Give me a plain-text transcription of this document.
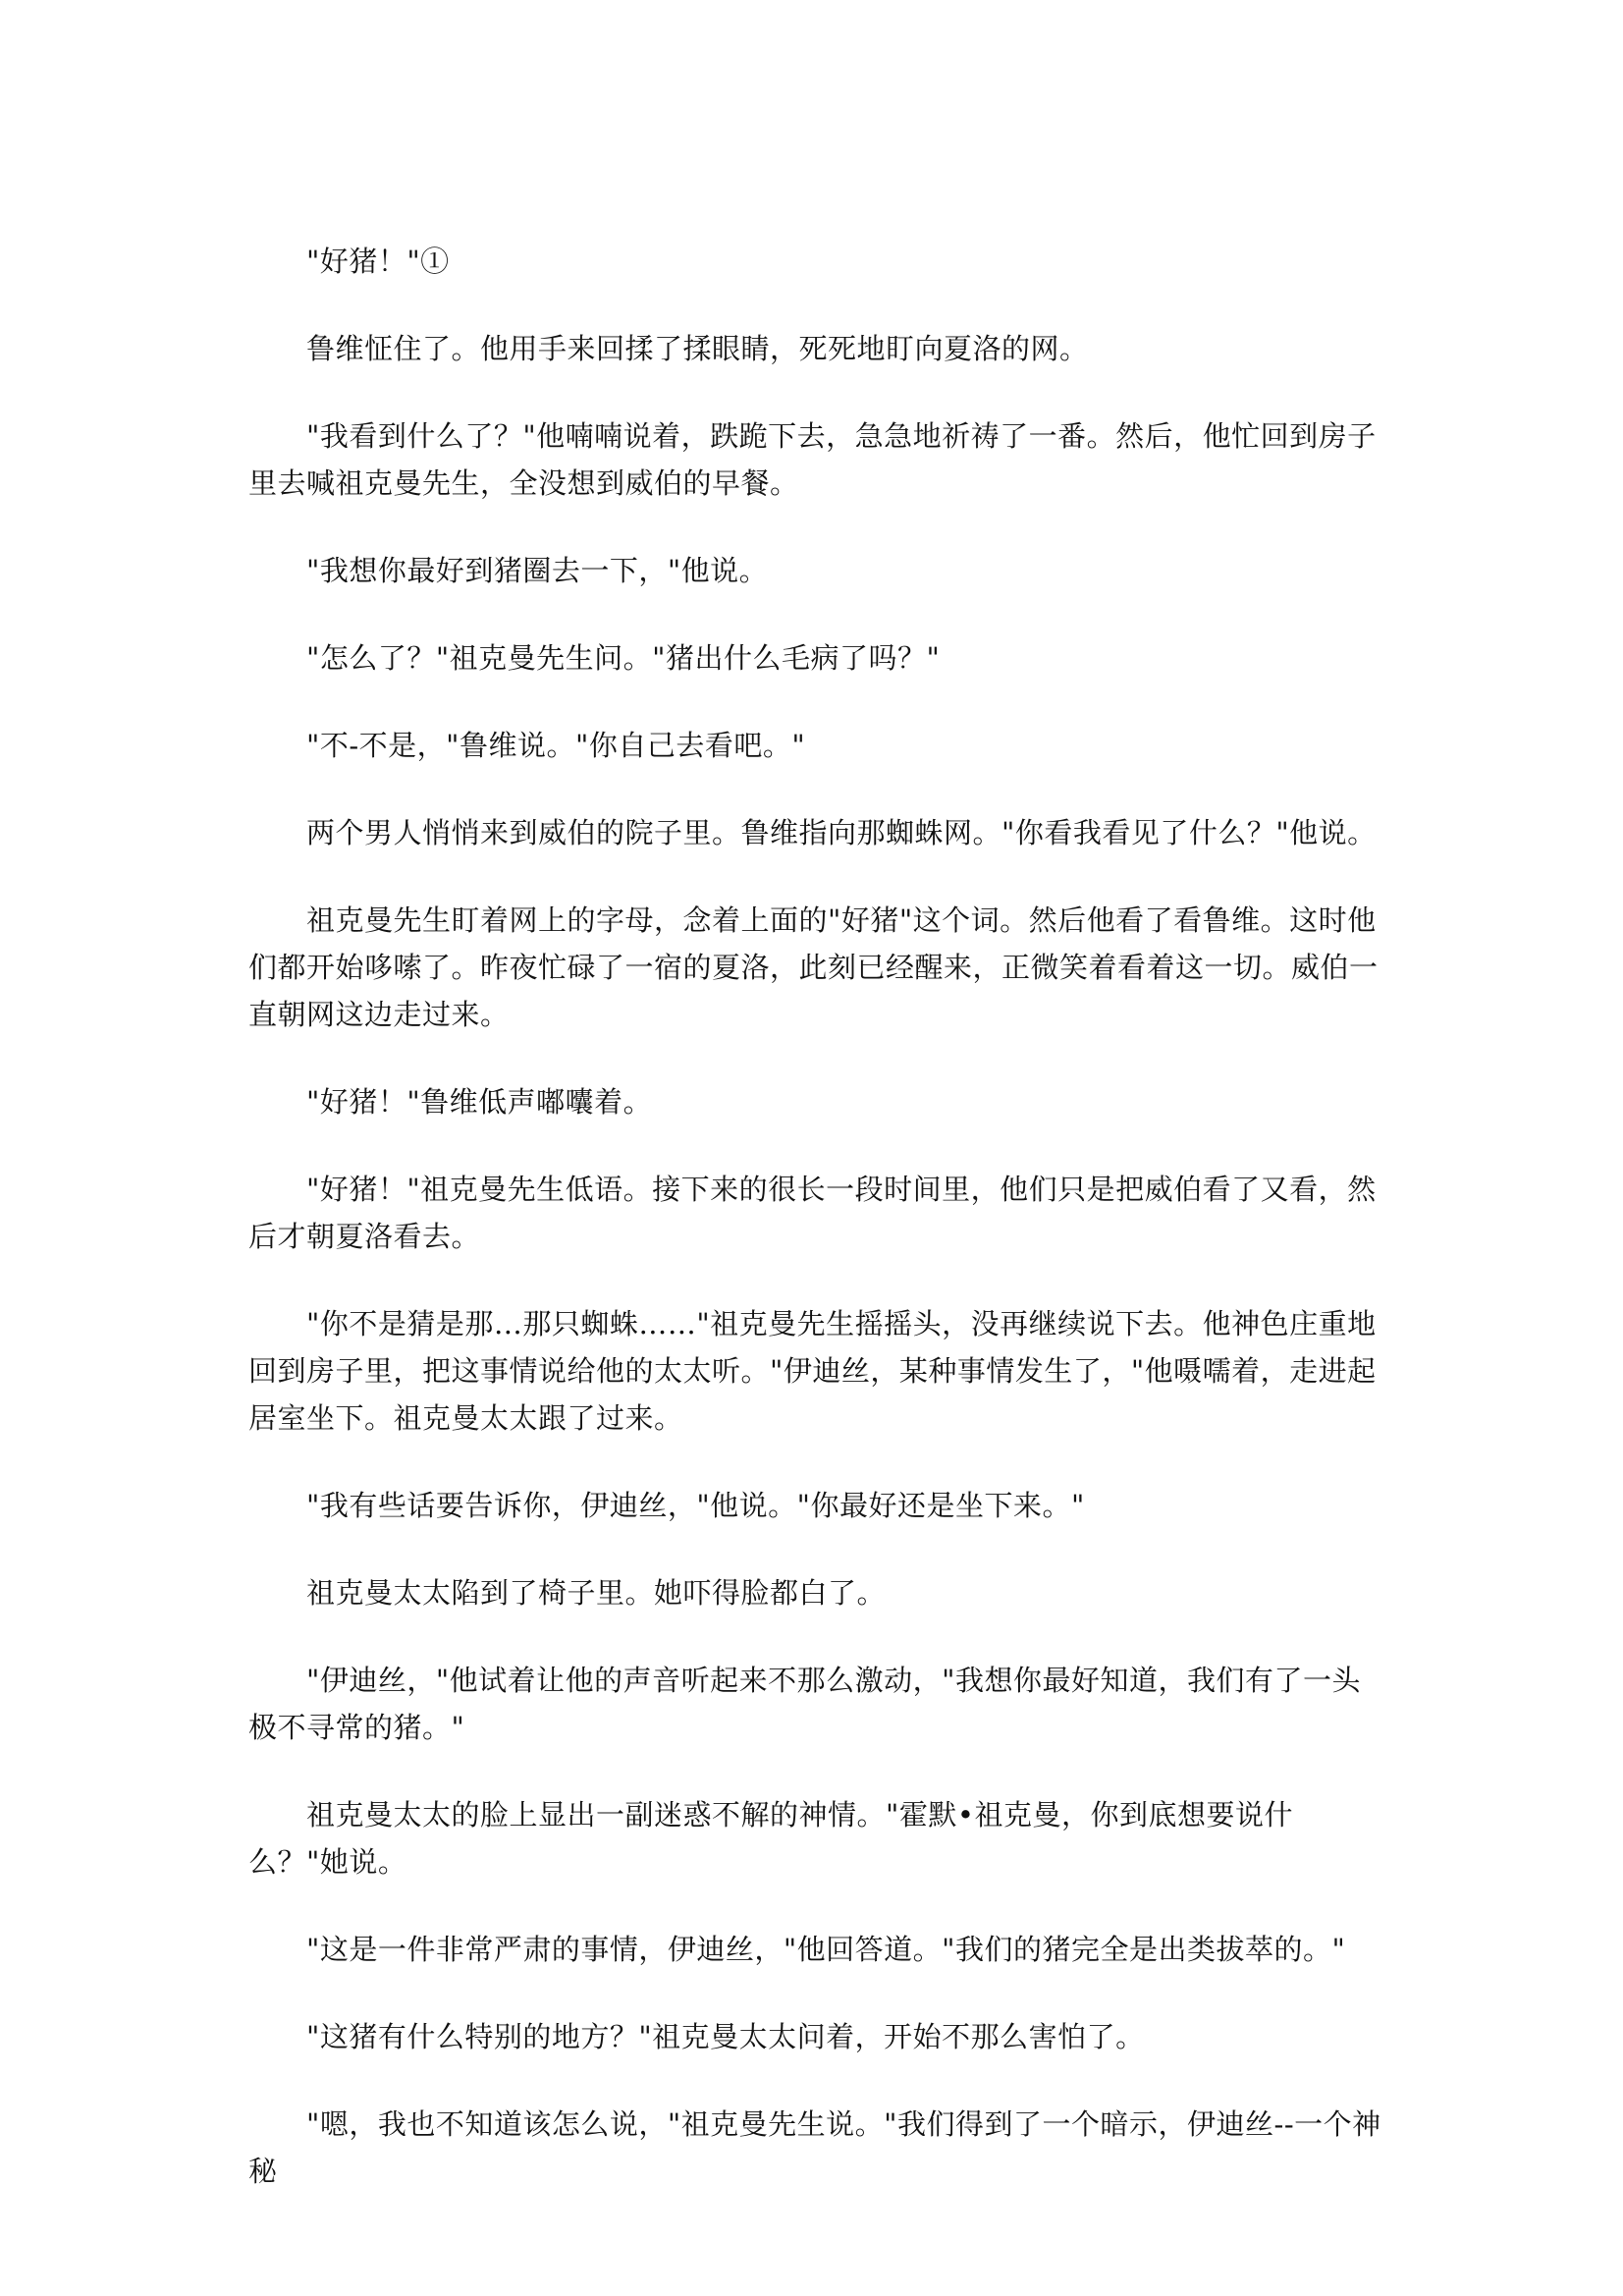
"好猪！"①

鲁维怔住了。他用手来回揉了揉眼睛，死死地盯向夏洛的网。

"我看到什么了？"他喃喃说着，跌跪下去，急急地祈祷了一番。然后，他忙回到房子里去喊祖克曼先生，全没想到威伯的早餐。

"我想你最好到猪圈去一下，"他说。

"怎么了？"祖克曼先生问。"猪出什么毛病了吗？"

"不-不是，"鲁维说。"你自己去看吧。"

两个男人悄悄来到威伯的院子里。鲁维指向那蜘蛛网。"你看我看见了什么？"他说。

祖克曼先生盯着网上的字母，念着上面的"好猪"这个词。然后他看了看鲁维。这时他们都开始哆嗦了。昨夜忙碌了一宿的夏洛，此刻已经醒来，正微笑着看着这一切。威伯一直朝网这边走过来。

"好猪！"鲁维低声嘟囔着。

"好猪！"祖克曼先生低语。接下来的很长一段时间里，他们只是把威伯看了又看，然后才朝夏洛看去。

"你不是猜是那…那只蜘蛛……"祖克曼先生摇摇头，没再继续说下去。他神色庄重地回到房子里，把这事情说给他的太太听。"伊迪丝，某种事情发生了，"他嗫嚅着，走进起居室坐下。祖克曼太太跟了过来。

"我有些话要告诉你，伊迪丝，"他说。"你最好还是坐下来。"

祖克曼太太陷到了椅子里。她吓得脸都白了。

"伊迪丝，"他试着让他的声音听起来不那么激动，"我想你最好知道，我们有了一头极不寻常的猪。"

祖克曼太太的脸上显出一副迷惑不解的神情。"霍默•祖克曼，你到底想要说什么？"她说。

"这是一件非常严肃的事情，伊迪丝，"他回答道。"我们的猪完全是出类拔萃的。"

"这猪有什么特别的地方？"祖克曼太太问着，开始不那么害怕了。

"嗯，我也不知道该怎么说，"祖克曼先生说。"我们得到了一个暗示，伊迪丝--一个神秘
